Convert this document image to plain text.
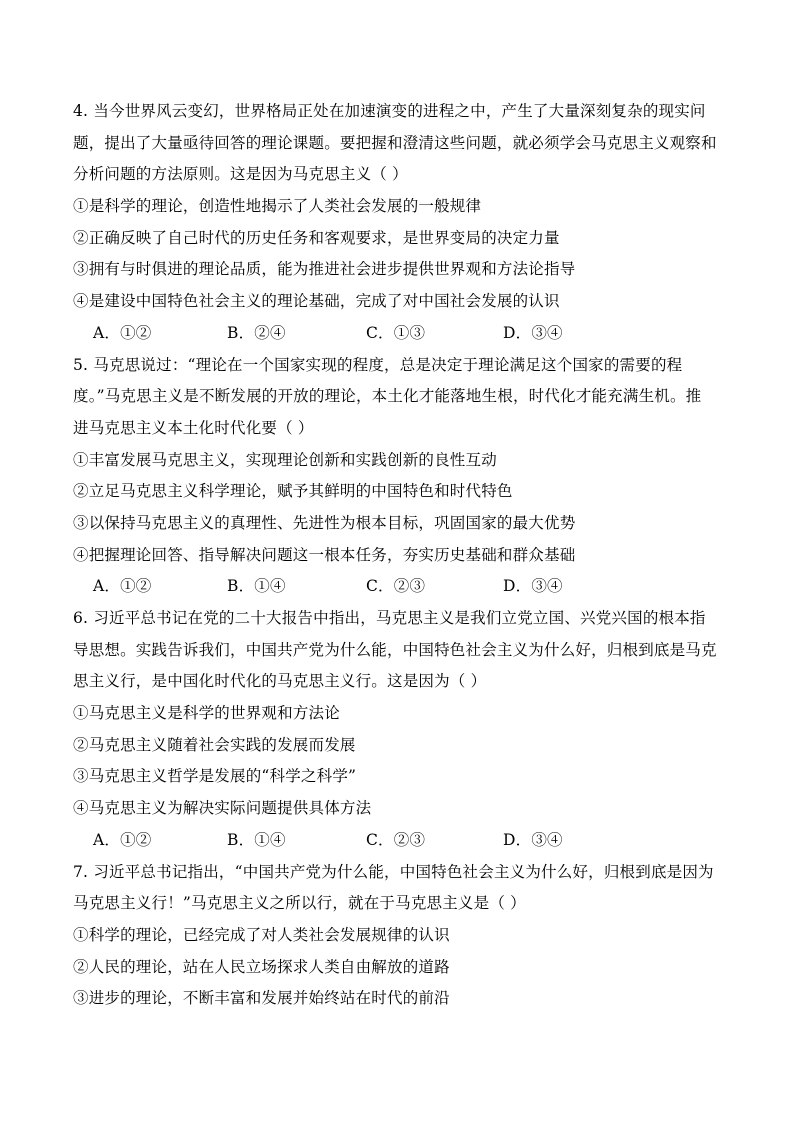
4. 当今世界风云变幻，世界格局正处在加速演变的进程之中，产生了大量深刻复杂的现实问
题，提出了大量亟待回答的理论课题。要把握和澄清这些问题，就必须学会马克思主义观察和
分析问题的方法原则。这是因为马克思主义（ ）
①是科学的理论，创造性地揭示了人类社会发展的一般规律
②正确反映了自己时代的历史任务和客观要求，是世界变局的决定力量
③拥有与时俱进的理论品质，能为推进社会进步提供世界观和方法论指导
④是建设中国特色社会主义的理论基础，完成了对中国社会发展的认识
A．①②	B．②④	C．①③	D．③④
5. 马克思说过：“理论在一个国家实现的程度，总是决定于理论满足这个国家的需要的程
度。”马克思主义是不断发展的开放的理论，本土化才能落地生根，时代化才能充满生机。推
进马克思主义本土化时代化要（ ）
①丰富发展马克思主义，实现理论创新和实践创新的良性互动
②立足马克思主义科学理论，赋予其鲜明的中国特色和时代特色
③以保持马克思主义的真理性、先进性为根本目标，巩固国家的最大优势
④把握理论回答、指导解决问题这一根本任务，夯实历史基础和群众基础
A．①②	B．①④	C．②③	D．③④
6. 习近平总书记在党的二十大报告中指出，马克思主义是我们立党立国、兴党兴国的根本指
导思想。实践告诉我们，中国共产党为什么能，中国特色社会主义为什么好，归根到底是马克
思主义行，是中国化时代化的马克思主义行。这是因为（ ）
①马克思主义是科学的世界观和方法论
②马克思主义随着社会实践的发展而发展
③马克思主义哲学是发展的“科学之科学”
④马克思主义为解决实际问题提供具体方法
A．①②	B．①④	C．②③	D．③④
7. 习近平总书记指出，“中国共产党为什么能，中国特色社会主义为什么好，归根到底是因为
马克思主义行！”马克思主义之所以行，就在于马克思主义是（ ）
①科学的理论，已经完成了对人类社会发展规律的认识
②人民的理论，站在人民立场探求人类自由解放的道路
③进步的理论，不断丰富和发展并始终站在时代的前沿
